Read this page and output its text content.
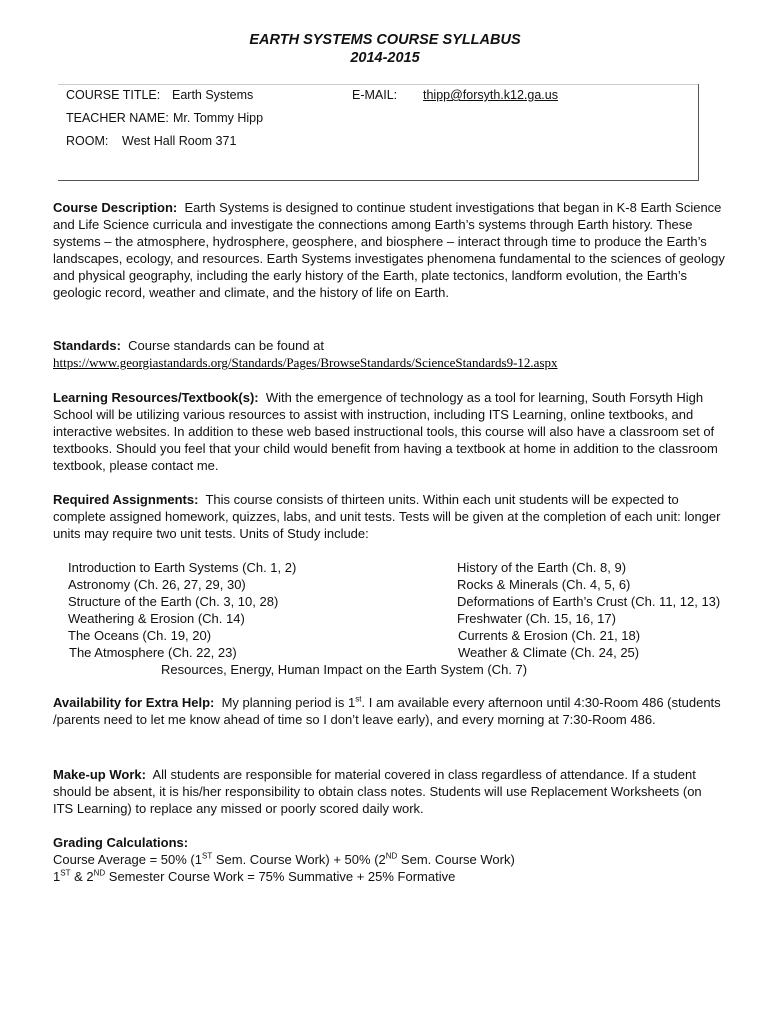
EARTH SYSTEMS COURSE SYLLABUS
2014-2015
COURSE TITLE: Earth Systems	E-MAIL: thipp@forsyth.k12.ga.us
TEACHER NAME: Mr. Tommy Hipp
ROOM: West Hall Room 371
Course Description: Earth Systems is designed to continue student investigations that began in K-8 Earth Science and Life Science curricula and investigate the connections among Earth’s systems through Earth history. These systems – the atmosphere, hydrosphere, geosphere, and biosphere – interact through time to produce the Earth’s landscapes, ecology, and resources. Earth Systems investigates phenomena fundamental to the sciences of geology and physical geography, including the early history of the Earth, plate tectonics, landform evolution, the Earth’s geologic record, weather and climate, and the history of life on Earth.
Standards: Course standards can be found at
https://www.georgiastandards.org/Standards/Pages/BrowseStandards/ScienceStandards9-12.aspx
Learning Resources/Textbook(s): With the emergence of technology as a tool for learning, South Forsyth High School will be utilizing various resources to assist with instruction, including ITS Learning, online textbooks, and interactive websites. In addition to these web based instructional tools, this course will also have a classroom set of textbooks. Should you feel that your child would benefit from having a textbook at home in addition to the classroom textbook, please contact me.
Required Assignments: This course consists of thirteen units. Within each unit students will be expected to complete assigned homework, quizzes, labs, and unit tests. Tests will be given at the completion of each unit: longer units may require two unit tests. Units of Study include:
Introduction to Earth Systems (Ch. 1, 2)
Astronomy (Ch. 26, 27, 29, 30)
Structure of the Earth (Ch. 3, 10, 28)
Weathering & Erosion (Ch. 14)
The Oceans (Ch. 19, 20)
The Atmosphere (Ch. 22, 23)
History of the Earth (Ch. 8, 9)
Rocks & Minerals (Ch. 4, 5, 6)
Deformations of Earth’s Crust (Ch. 11, 12, 13)
Freshwater (Ch. 15, 16, 17)
Currents & Erosion (Ch. 21, 18)
Weather & Climate (Ch. 24, 25)
Resources, Energy, Human Impact on the Earth System (Ch. 7)
Availability for Extra Help: My planning period is 1st. I am available every afternoon until 4:30-Room 486 (students /parents need to let me know ahead of time so I don’t leave early), and every morning at 7:30-Room 486.
Make-up Work: All students are responsible for material covered in class regardless of attendance. If a student should be absent, it is his/her responsibility to obtain class notes. Students will use Replacement Worksheets (on ITS Learning) to replace any missed or poorly scored daily work.
Grading Calculations:
Course Average = 50% (1ST Sem. Course Work) + 50% (2ND Sem. Course Work)
1ST & 2ND Semester Course Work = 75% Summative + 25% Formative
